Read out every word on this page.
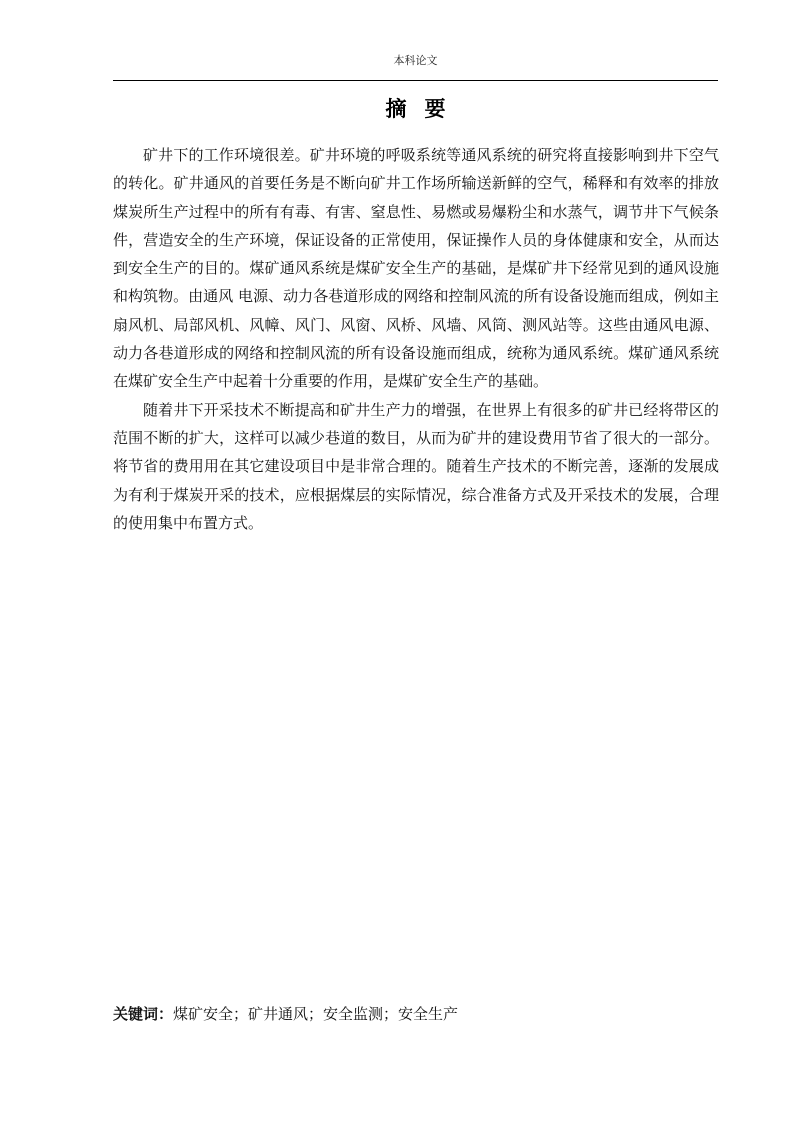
本科论文
摘要

矿井下的工作环境很差。矿井环境的呼吸系统等通风系统的研究将直接影响到井下空气的转化。矿井通风的首要任务是不断向矿井工作场所输送新鲜的空气，稀释和有效率的排放煤炭所生产过程中的所有有毒、有害、窒息性、易燃或易爆粉尘和水蒸气，调节井下气候条件，营造安全的生产环境，保证设备的正常使用，保证操作人员的身体健康和安全，从而达到安全生产的目的。煤矿通风系统是煤矿安全生产的基础，是煤矿井下经常见到的通风设施和构筑物。由通风 电源、动力各巷道形成的网络和控制风流的所有设备设施而组成，例如主扇风机、局部风机、风幛、风门、风窗、风桥、风墙、风筒、测风站等。这些由通风电源、动力各巷道形成的网络和控制风流的所有设备设施而组成，统称为通风系统。煤矿通风系统在煤矿安全生产中起着十分重要的作用，是煤矿安全生产的基础。

随着井下开采技术不断提高和矿井生产力的增强，在世界上有很多的矿井已经将带区的范围不断的扩大，这样可以减少巷道的数目，从而为矿井的建设费用节省了很大的一部分。将节省的费用用在其它建设项目中是非常合理的。随着生产技术的不断完善，逐渐的发展成为有利于煤炭开采的技术，应根据煤层的实际情况，综合准备方式及开采技术的发展，合理的使用集中布置方式。

关键词：煤矿安全；矿井通风；安全监测；安全生产
